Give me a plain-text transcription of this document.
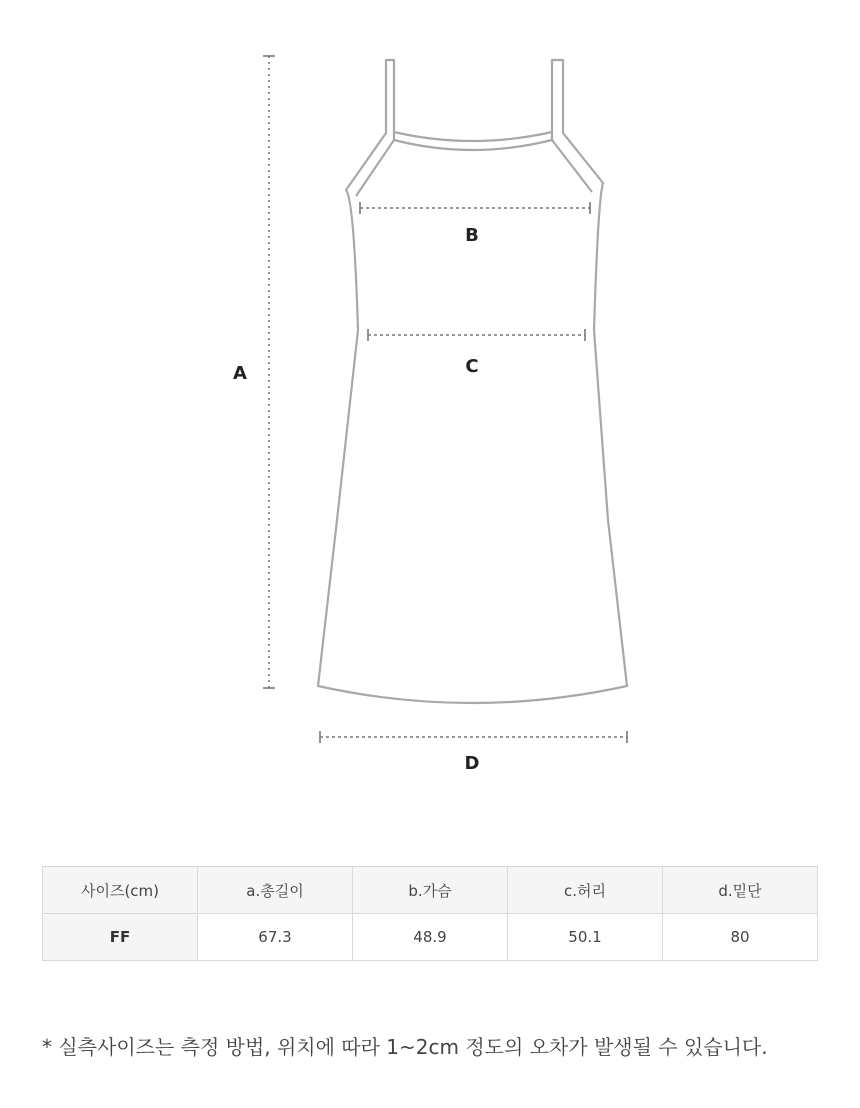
A
B
C
D
사이즈(cm)	a.총길이	b.가슴	c.허리	d.밑단
FF	67.3	48.9	50.1	80

* 실측사이즈는 측정 방법, 위치에 따라 1~2cm 정도의 오차가 발생될 수 있습니다.
